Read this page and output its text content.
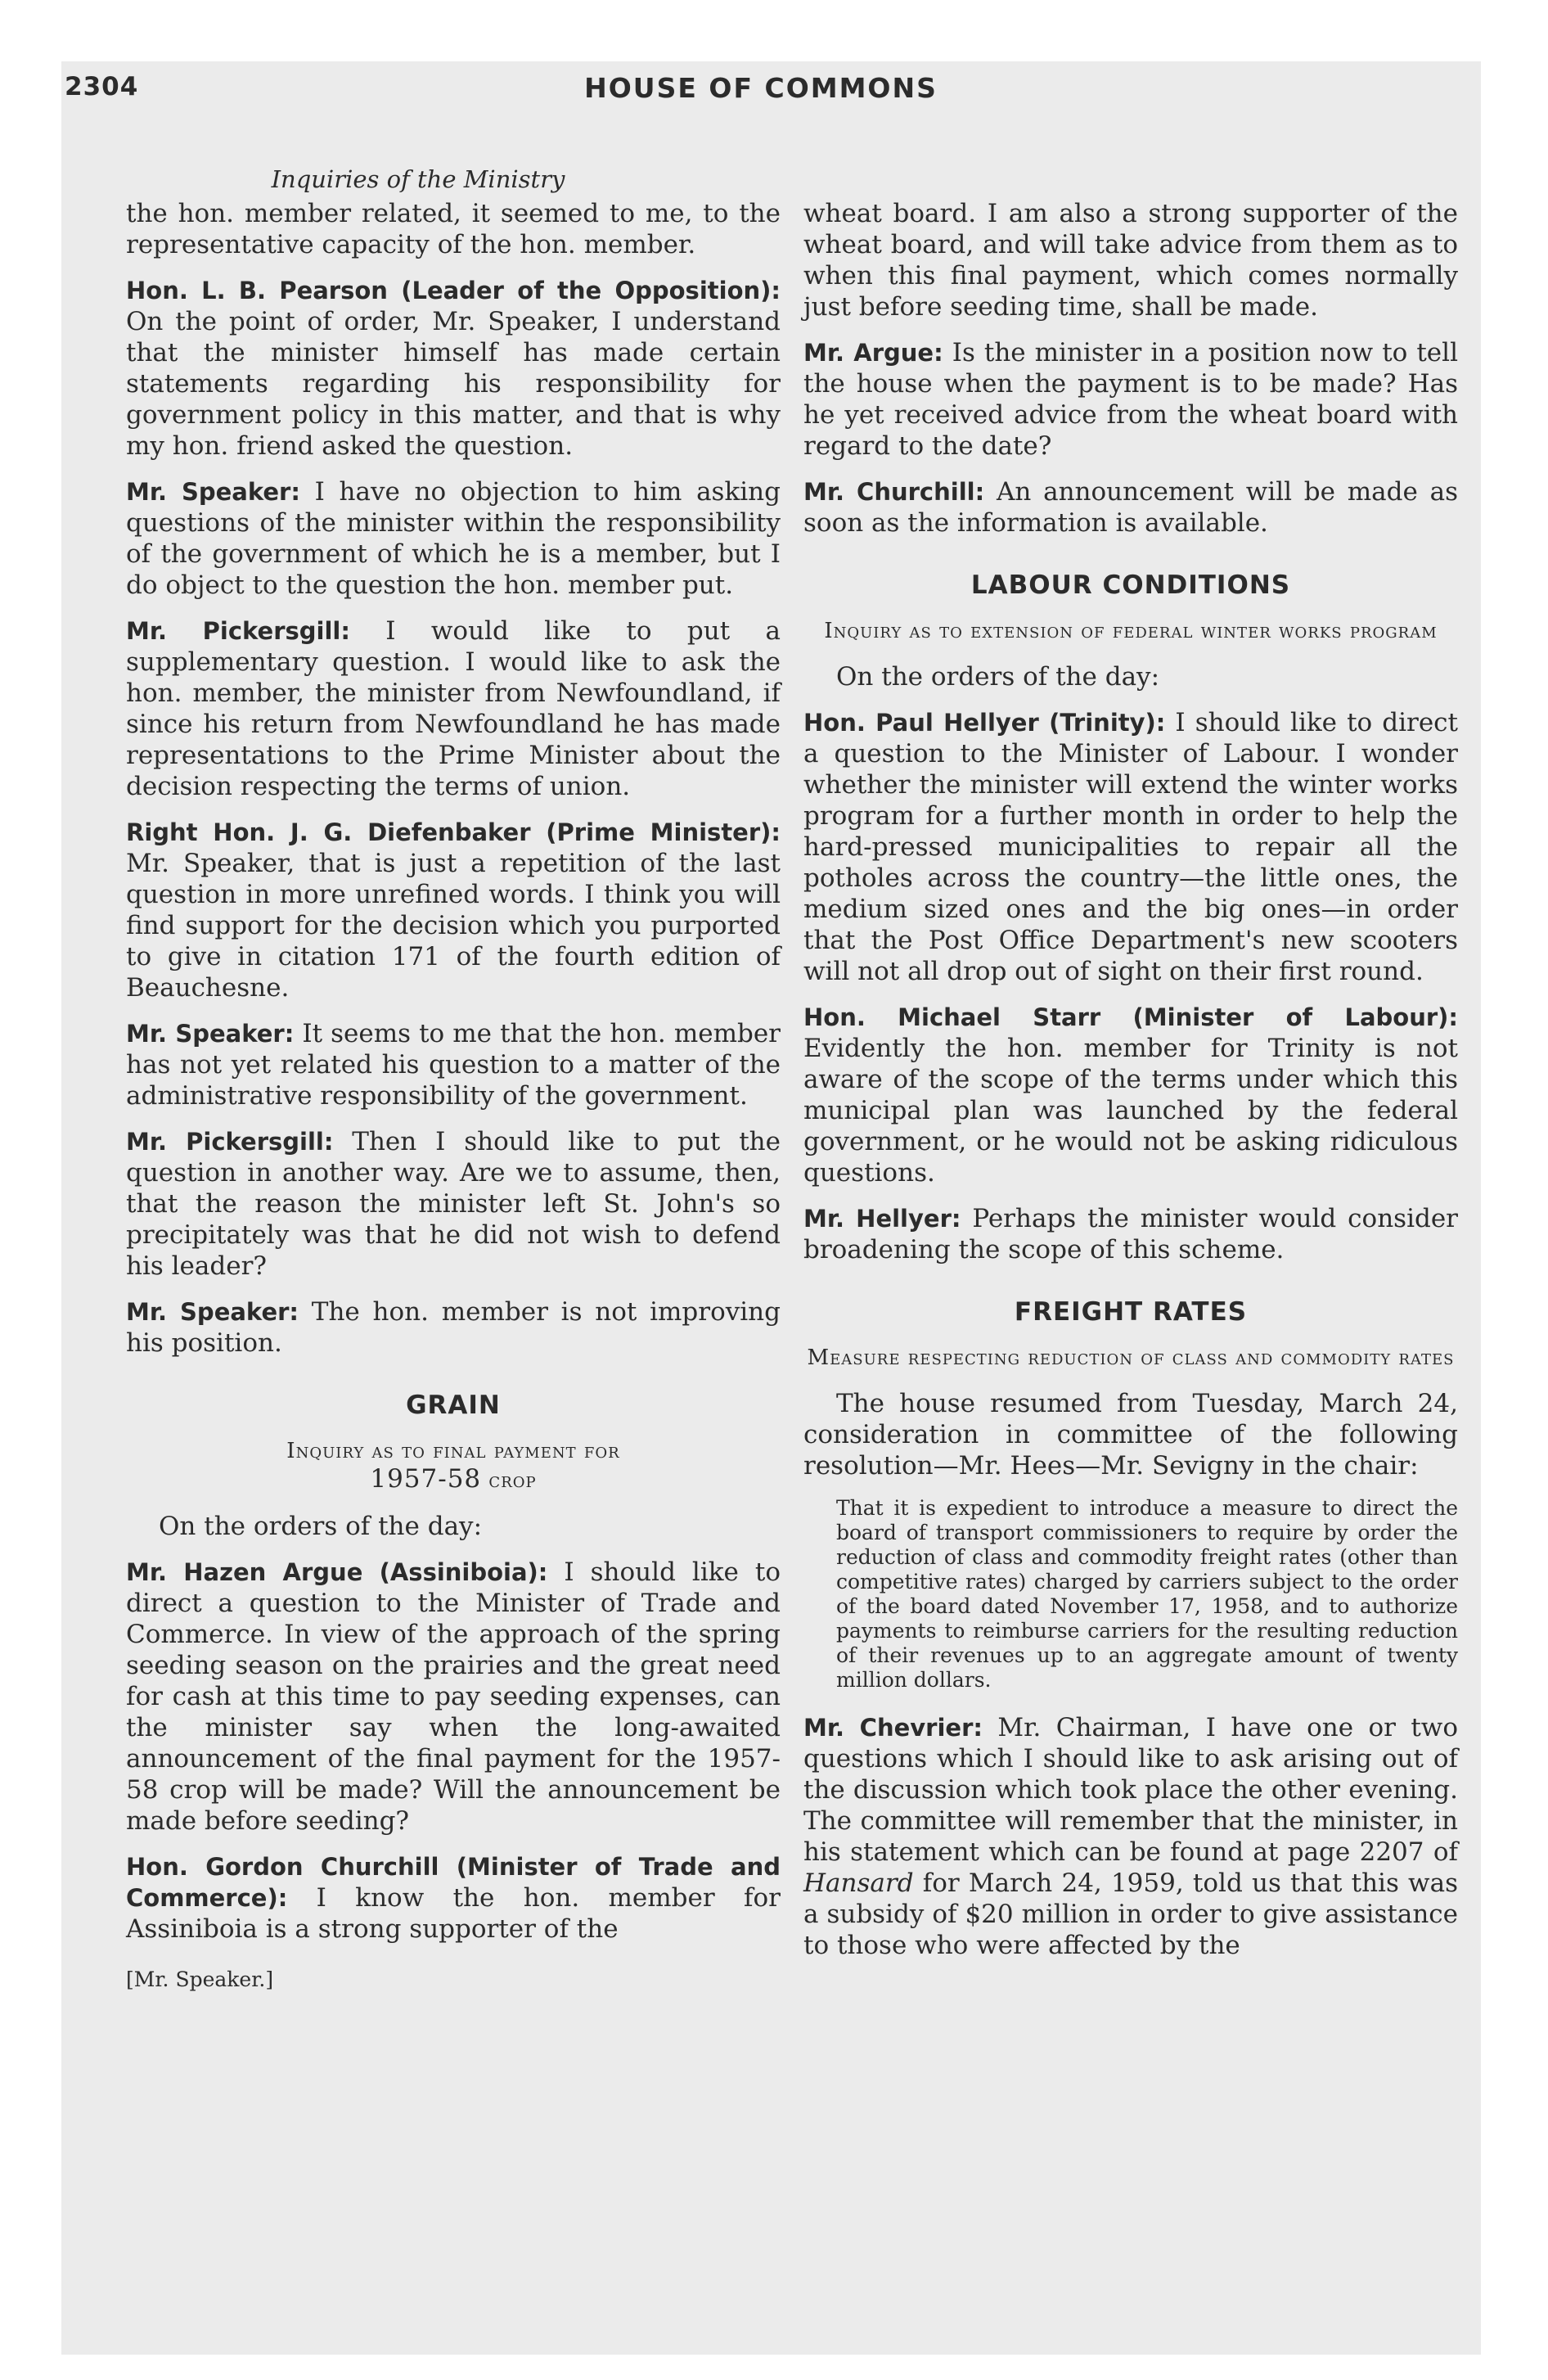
2304	HOUSE OF COMMONS
Inquiries of the Ministry

the hon. member related, it seemed to me, to the representative capacity of the hon. member.

Hon. L. B. Pearson (Leader of the Opposition): On the point of order, Mr. Speaker, I understand that the minister himself has made certain statements regarding his responsibility for government policy in this matter, and that is why my hon. friend asked the question.

Mr. Speaker: I have no objection to him asking questions of the minister within the responsibility of the government of which he is a member, but I do object to the question the hon. member put.

Mr. Pickersgill: I would like to put a supplementary question. I would like to ask the hon. member, the minister from Newfoundland, if since his return from Newfoundland he has made representations to the Prime Minister about the decision respecting the terms of union.

Right Hon. J. G. Diefenbaker (Prime Minister): Mr. Speaker, that is just a repetition of the last question in more unrefined words. I think you will find support for the decision which you purported to give in citation 171 of the fourth edition of Beauchesne.

Mr. Speaker: It seems to me that the hon. member has not yet related his question to a matter of the administrative responsibility of the government.

Mr. Pickersgill: Then I should like to put the question in another way. Are we to assume, then, that the reason the minister left St. John's so precipitately was that he did not wish to defend his leader?

Mr. Speaker: The hon. member is not improving his position.

GRAIN
Inquiry as to final payment for
1957-58 crop

On the orders of the day:

Mr. Hazen Argue (Assiniboia): I should like to direct a question to the Minister of Trade and Commerce. In view of the approach of the spring seeding season on the prairies and the great need for cash at this time to pay seeding expenses, can the minister say when the long-awaited announcement of the final payment for the 1957-58 crop will be made? Will the announcement be made before seeding?

Hon. Gordon Churchill (Minister of Trade and Commerce): I know the hon. member for Assiniboia is a strong supporter of the

[Mr. Speaker.]

wheat board. I am also a strong supporter of the wheat board, and will take advice from them as to when this final payment, which comes normally just before seeding time, shall be made.

Mr. Argue: Is the minister in a position now to tell the house when the payment is to be made? Has he yet received advice from the wheat board with regard to the date?

Mr. Churchill: An announcement will be made as soon as the information is available.

LABOUR CONDITIONS
Inquiry as to extension of federal winter works program

On the orders of the day:

Hon. Paul Hellyer (Trinity): I should like to direct a question to the Minister of Labour. I wonder whether the minister will extend the winter works program for a further month in order to help the hard-pressed municipalities to repair all the potholes across the country—the little ones, the medium sized ones and the big ones—in order that the Post Office Department's new scooters will not all drop out of sight on their first round.

Hon. Michael Starr (Minister of Labour): Evidently the hon. member for Trinity is not aware of the scope of the terms under which this municipal plan was launched by the federal government, or he would not be asking ridiculous questions.

Mr. Hellyer: Perhaps the minister would consider broadening the scope of this scheme.

FREIGHT RATES
Measure respecting reduction of class and commodity rates

The house resumed from Tuesday, March 24, consideration in committee of the following resolution—Mr. Hees—Mr. Sevigny in the chair:

That it is expedient to introduce a measure to direct the board of transport commissioners to require by order the reduction of class and commodity freight rates (other than competitive rates) charged by carriers subject to the order of the board dated November 17, 1958, and to authorize payments to reimburse carriers for the resulting reduction of their revenues up to an aggregate amount of twenty million dollars.

Mr. Chevrier: Mr. Chairman, I have one or two questions which I should like to ask arising out of the discussion which took place the other evening. The committee will remember that the minister, in his statement which can be found at page 2207 of Hansard for March 24, 1959, told us that this was a subsidy of $20 million in order to give assistance to those who were affected by the
